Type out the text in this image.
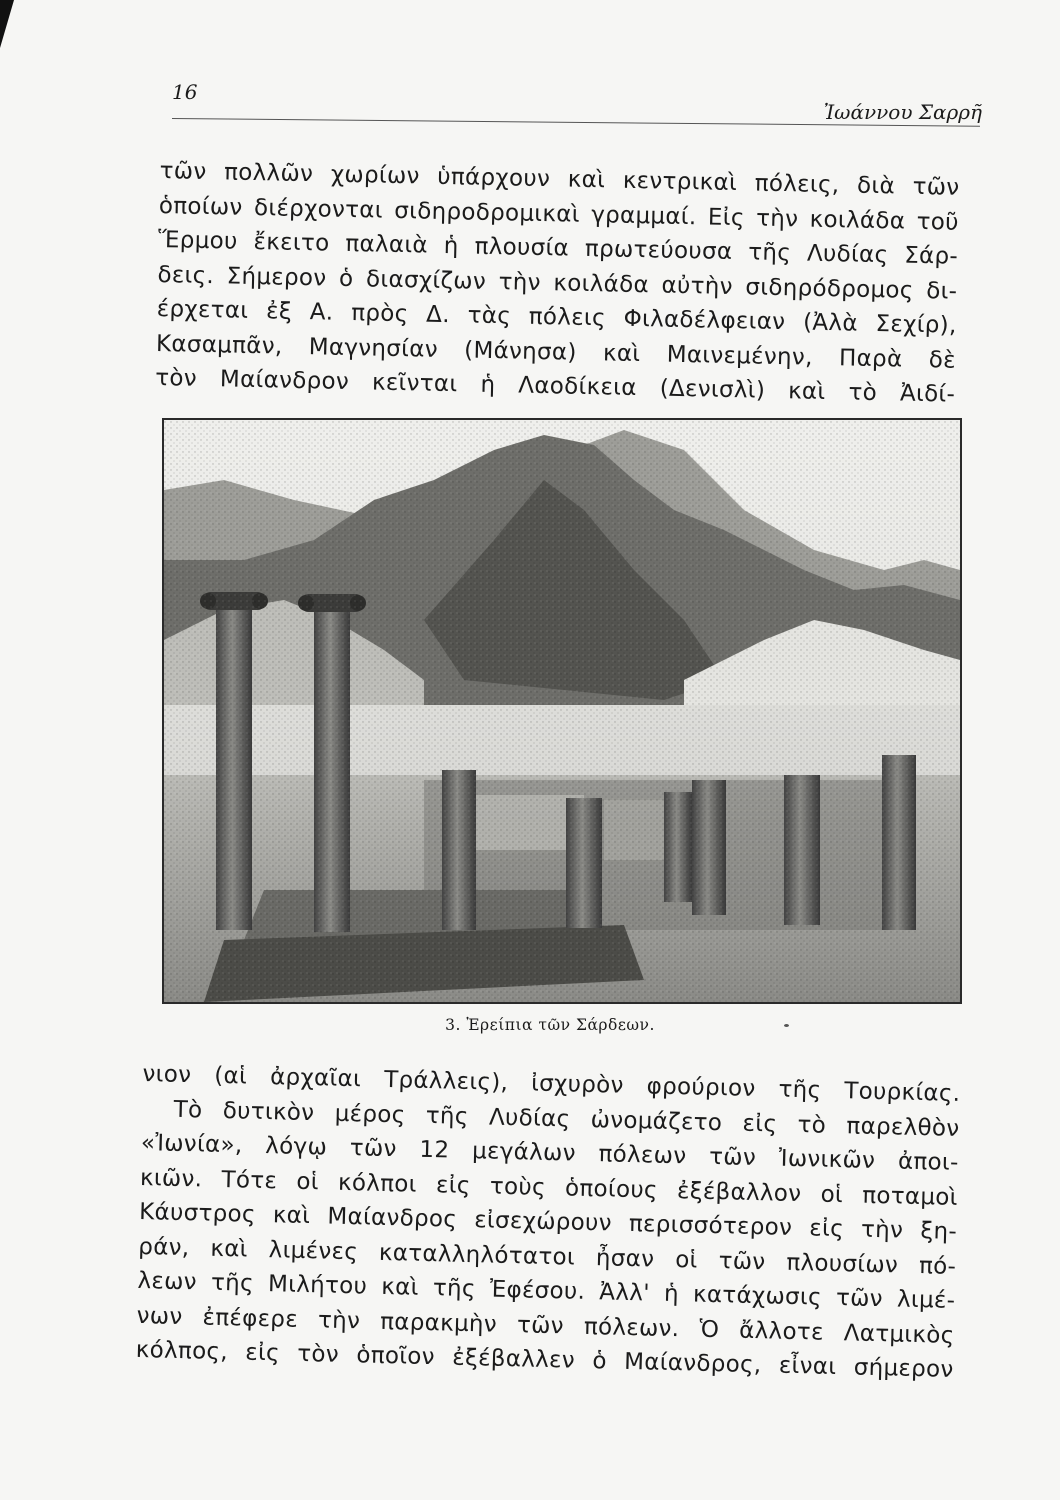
16
Ἰωάννου Σαρρῆ
τῶν πολλῶν χωρίων ὑπάρχουν καὶ κεντρικαὶ πόλεις, διὰ τῶν
ὁποίων διέρχονται σιδηροδρομικαὶ γραμμαί. Εἰς τὴν κοιλάδα τοῦ
Ἕρμου ἔκειτο παλαιὰ ἡ πλουσία πρωτεύουσα τῆς Λυδίας Σάρ-
δεις. Σήμερον ὁ διασχίζων τὴν κοιλάδα αὐτὴν σιδηρόδρομος δι-
έρχεται ἐξ Α. πρὸς Δ. τὰς πόλεις Φιλαδέλφειαν (Ἀλὰ Σεχίρ),
Κασαμπᾶν, Μαγνησίαν (Μάνησα) καὶ Μαινεμένην, Παρὰ δὲ
τὸν Μαίανδρον κεῖνται ἡ Λαοδίκεια (Δενισλὶ) καὶ τὸ Ἀιδί-
3. Ἐρείπια τῶν Σάρδεων.
νιον (αἱ ἀρχαῖαι Τράλλεις), ἰσχυρὸν φρούριον τῆς Τουρκίας.
Τὸ δυτικὸν μέρος τῆς Λυδίας ὠνομάζετο εἰς τὸ παρελθὸν
«Ἰωνία», λόγῳ τῶν 12 μεγάλων πόλεων τῶν Ἰωνικῶν ἀποι-
κιῶν. Τότε οἱ κόλποι εἰς τοὺς ὁποίους ἐξέβαλλον οἱ ποταμοὶ
Κάυστρος καὶ Μαίανδρος εἰσεχώρουν περισσότερον εἰς τὴν ξη-
ράν, καὶ λιμένες καταλληλότατοι ἦσαν οἱ τῶν πλουσίων πό-
λεων τῆς Μιλήτου καὶ τῆς Ἐφέσου. Ἀλλ' ἡ κατάχωσις τῶν λιμέ-
νων ἐπέφερε τὴν παρακμὴν τῶν πόλεων. Ὁ ἄλλοτε Λατμικὸς
κόλπος, εἰς τὸν ὁποῖον ἐξέβαλλεν ὁ Μαίανδρος, εἶναι σήμερον
